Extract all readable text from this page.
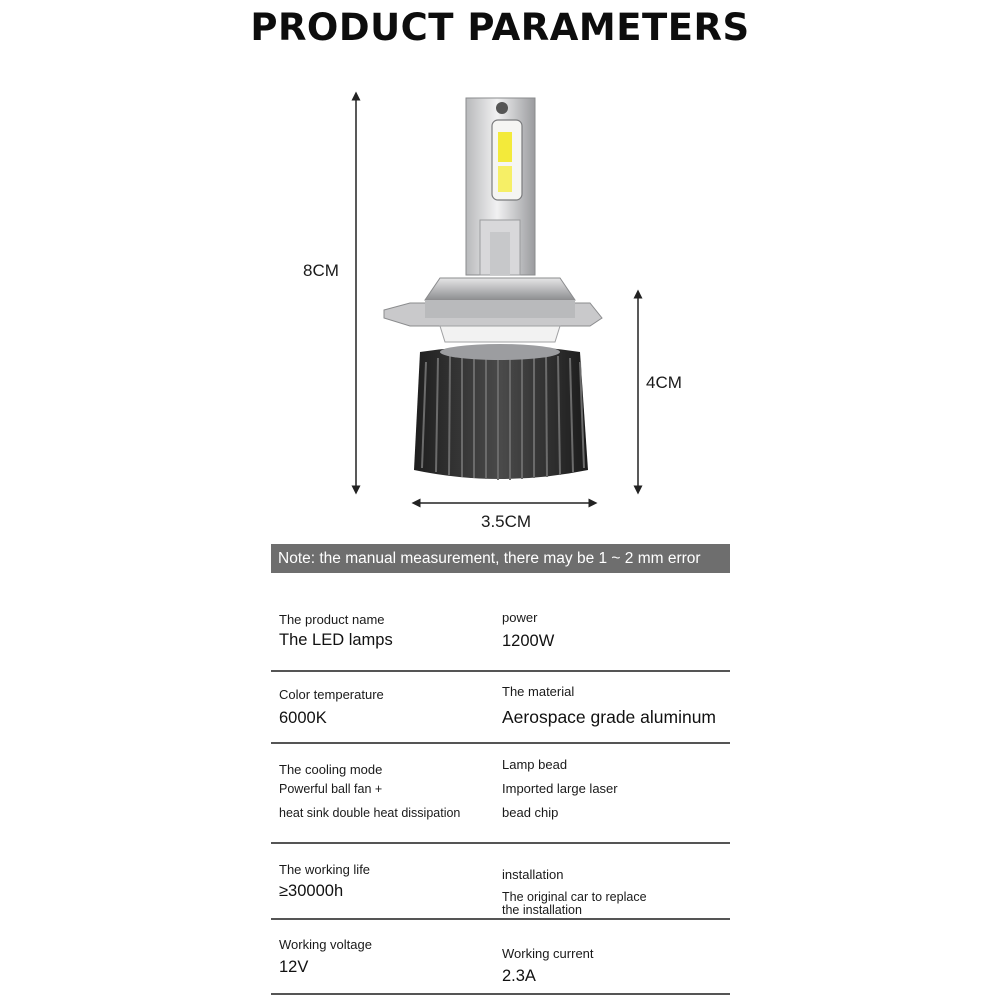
PRODUCT PARAMETERS
8CM
4CM
3.5CM
Note: the manual measurement, there may be 1 ~ 2 mm error
The product name
The LED lamps
power
1200W
Color temperature
6000K
The material
Aerospace grade aluminum
The cooling mode
Powerful ball fan +
heat sink double heat dissipation
Lamp bead
Imported large laser
bead chip
The working life
≥30000h
installation
The original car to replace
the installation
Working voltage
12V
Working current
2.3A
